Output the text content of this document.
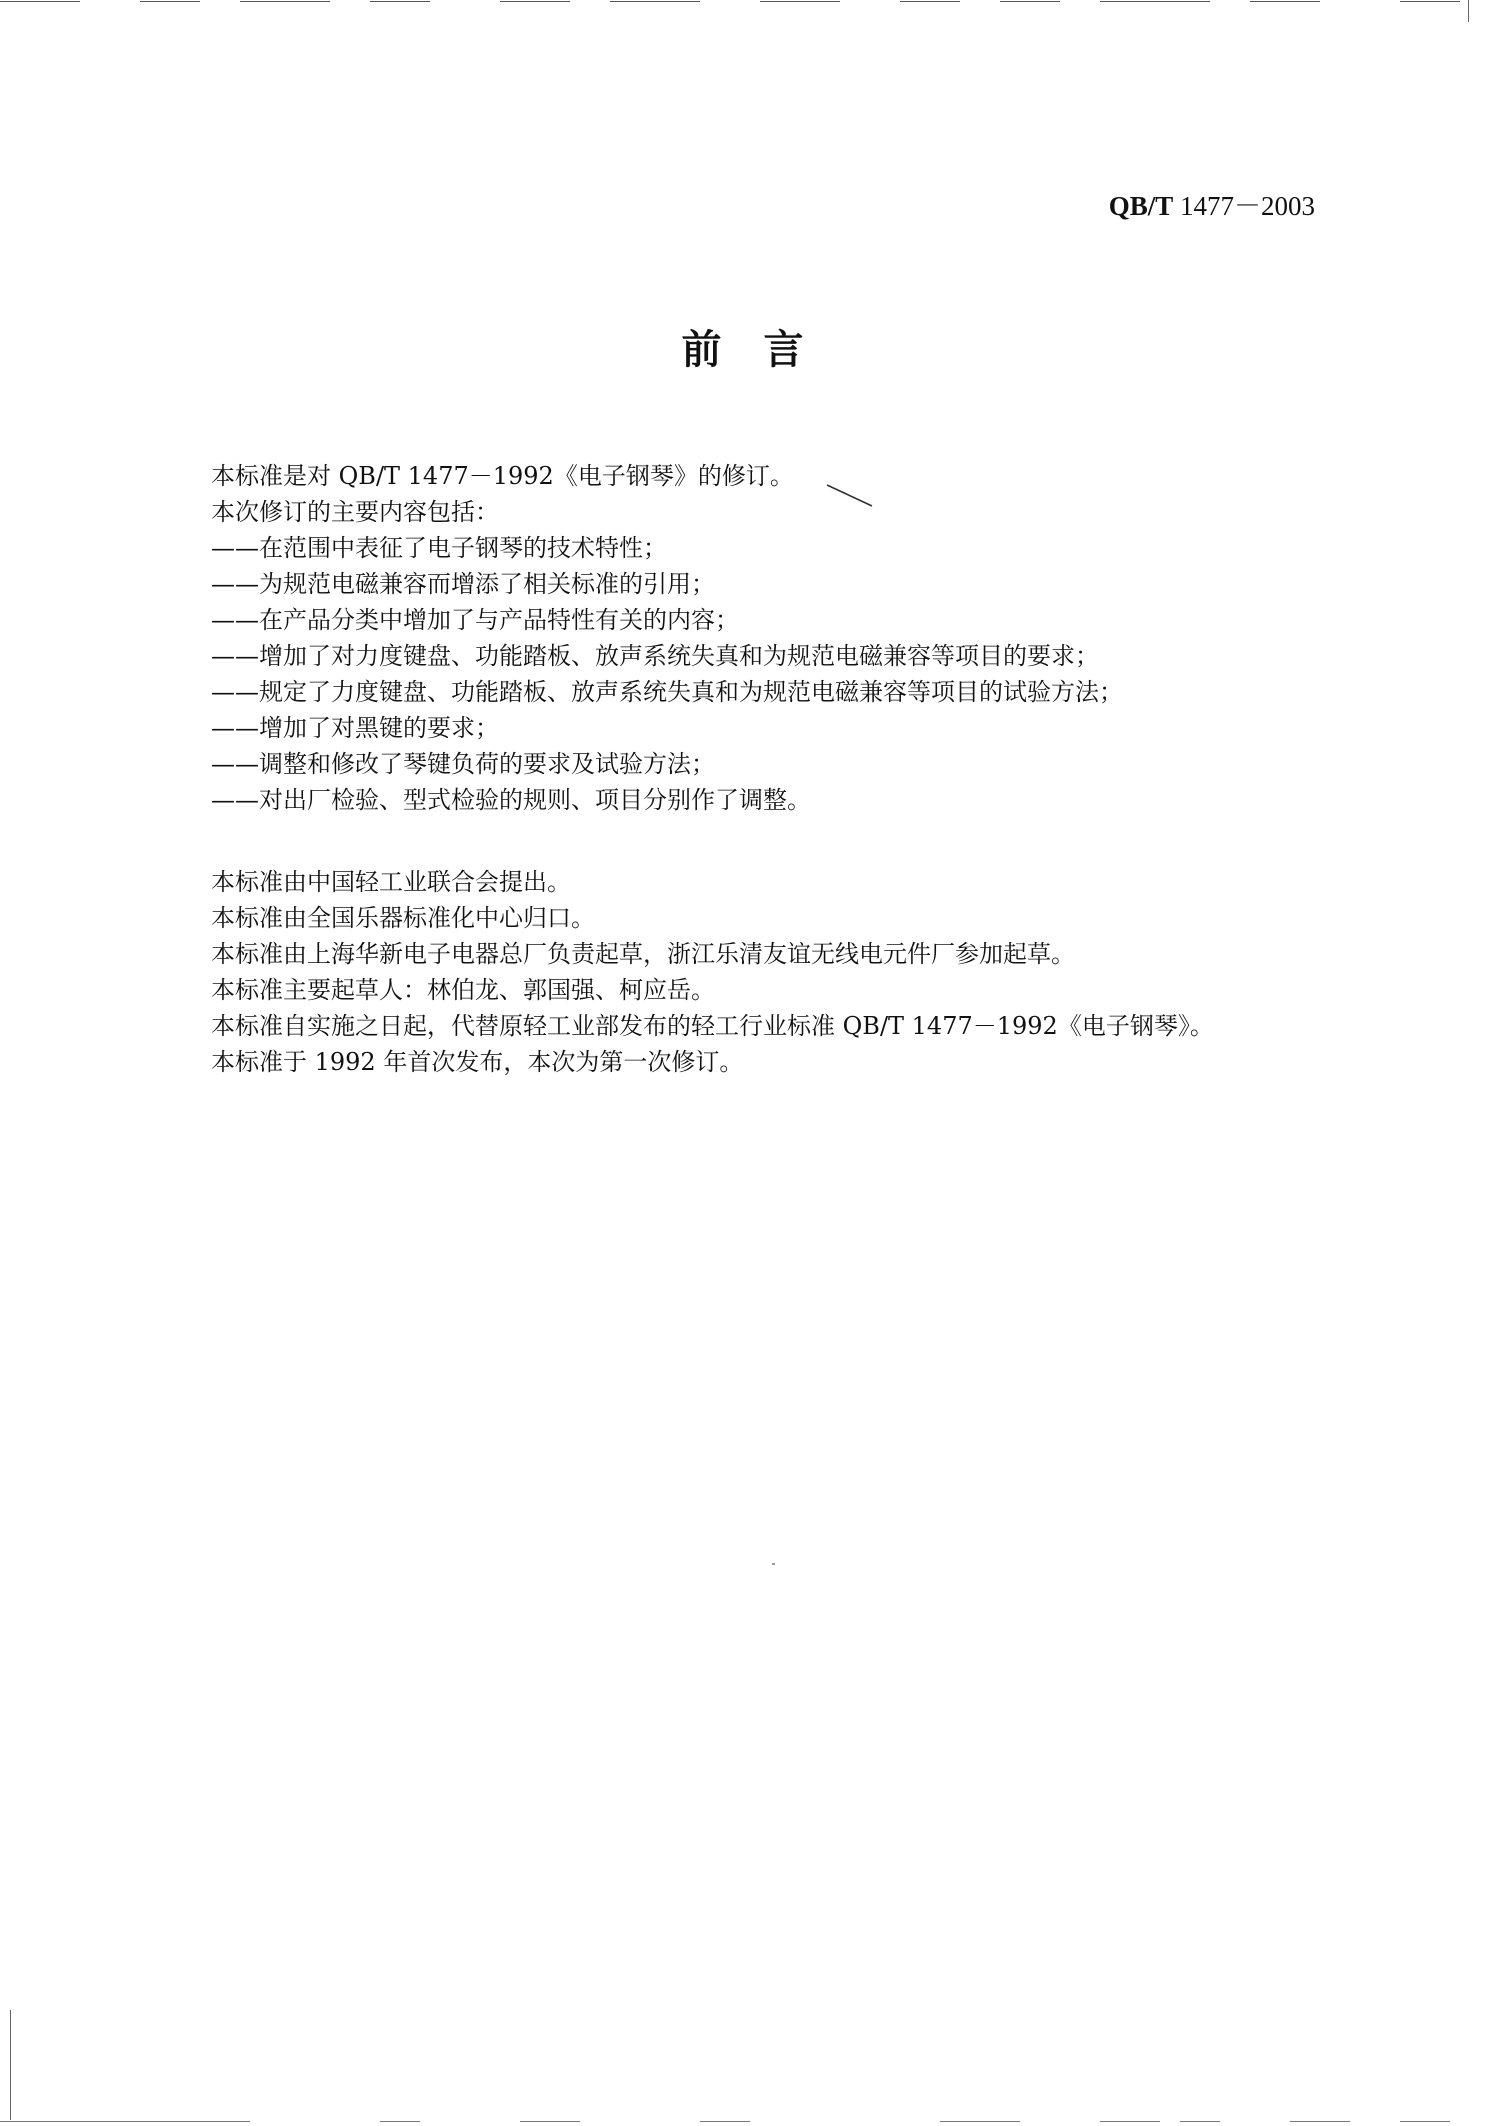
QB/T 1477－2003
前言
本标准是对 QB/T 1477－1992《电子钢琴》的修订。
本次修订的主要内容包括：
——在范围中表征了电子钢琴的技术特性；
——为规范电磁兼容而增添了相关标准的引用；
——在产品分类中增加了与产品特性有关的内容；
——增加了对力度键盘、功能踏板、放声系统失真和为规范电磁兼容等项目的要求；
——规定了力度键盘、功能踏板、放声系统失真和为规范电磁兼容等项目的试验方法；
——增加了对黑键的要求；
——调整和修改了琴键负荷的要求及试验方法；
——对出厂检验、型式检验的规则、项目分别作了调整。
本标准由中国轻工业联合会提出。
本标准由全国乐器标准化中心归口。
本标准由上海华新电子电器总厂负责起草，浙江乐清友谊无线电元件厂参加起草。
本标准主要起草人：林伯龙、郭国强、柯应岳。
本标准自实施之日起，代替原轻工业部发布的轻工行业标准 QB/T 1477－1992《电子钢琴》。
本标准于 1992 年首次发布，本次为第一次修订。
